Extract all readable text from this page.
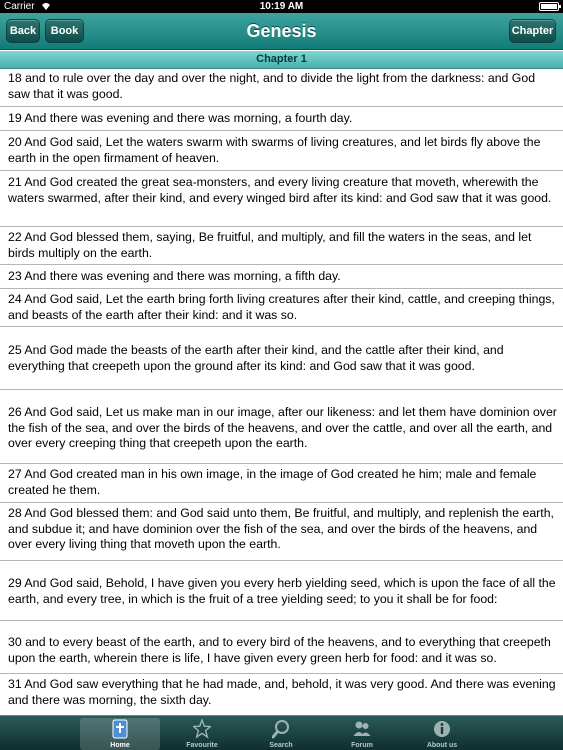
Carrier	10:19 AM
Back	Book	Genesis	Chapter
Chapter 1
18 and to rule over the day and over the night, and to divide the light from the darkness: and God saw that it was good.
19 And there was evening and there was morning, a fourth day.
20 And God said, Let the waters swarm with swarms of living creatures, and let birds fly above the earth in the open firmament of heaven.
21 And God created the great sea-monsters, and every living creature that moveth, wherewith the waters swarmed, after their kind, and every winged bird after its kind: and God saw that it was good.
22 And God blessed them, saying, Be fruitful, and multiply, and fill the waters in the seas, and let birds multiply on the earth.
23 And there was evening and there was morning, a fifth day.
24 And God said, Let the earth bring forth living creatures after their kind, cattle, and creeping things, and beasts of the earth after their kind: and it was so.
25 And God made the beasts of the earth after their kind, and the cattle after their kind, and everything that creepeth upon the ground after its kind: and God saw that it was good.
26 And God said, Let us make man in our image, after our likeness: and let them have dominion over the fish of the sea, and over the birds of the heavens, and over the cattle, and over all the earth, and over every creeping thing that creepeth upon the earth.
27 And God created man in his own image, in the image of God created he him; male and female created he them.
28 And God blessed them: and God said unto them, Be fruitful, and multiply, and replenish the earth, and subdue it; and have dominion over the fish of the sea, and over the birds of the heavens, and over every living thing that moveth upon the earth.
29 And God said, Behold, I have given you every herb yielding seed, which is upon the face of all the earth, and every tree, in which is the fruit of a tree yielding seed; to you it shall be for food:
30 and to every beast of the earth, and to every bird of the heavens, and to everything that creepeth upon the earth, wherein there is life, I have given every green herb for food: and it was so.
31 And God saw everything that he had made, and, behold, it was very good. And there was evening and there was morning, the sixth day.
Home	Favourite	Search	Forum	About us
